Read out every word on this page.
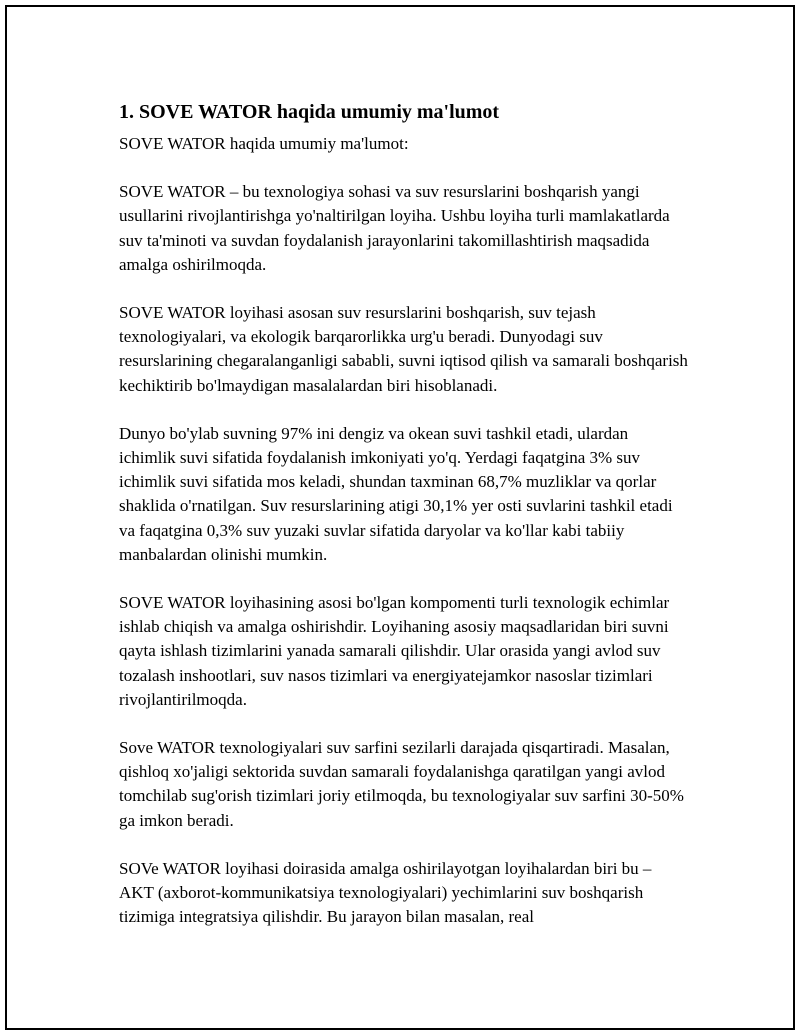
1. SOVE WATOR haqida umumiy ma'lumot

SOVE WATOR haqida umumiy ma'lumot:

SOVE WATOR – bu texnologiya sohasi va suv resurslarini boshqarish yangi usullarini rivojlantirishga yo'naltirilgan loyiha. Ushbu loyiha turli mamlakatlarda suv ta'minoti va suvdan foydalanish jarayonlarini takomillashtirish maqsadida amalga oshirilmoqda.

SOVE WATOR loyihasi asosan suv resurslarini boshqarish, suv tejash texnologiyalari, va ekologik barqarorlikka urg'u beradi. Dunyodagi suv resurslarining chegaralanganligi sababli, suvni iqtisod qilish va samarali boshqarish kechiktirib bo'lmaydigan masalalardan biri hisoblanadi.

Dunyo bo'ylab suvning 97% ini dengiz va okean suvi tashkil etadi, ulardan ichimlik suvi sifatida foydalanish imkoniyati yo'q. Yerdagi faqatgina 3% suv ichimlik suvi sifatida mos keladi, shundan taxminan 68,7% muzliklar va qorlar shaklida o'rnatilgan. Suv resurslarining atigi 30,1% yer osti suvlarini tashkil etadi va faqatgina 0,3% suv yuzaki suvlar sifatida daryolar va ko'llar kabi tabiiy manbalardan olinishi mumkin.

SOVE WATOR loyihasining asosi bo'lgan kompomenti turli texnologik echimlar ishlab chiqish va amalga oshirishdir. Loyihaning asosiy maqsadlaridan biri suvni qayta ishlash tizimlarini yanada samarali qilishdir. Ular orasida yangi avlod suv tozalash inshootlari, suv nasos tizimlari va energiyatejamkor nasoslar tizimlari rivojlantirilmoqda.

Sove WATOR texnologiyalari suv sarfini sezilarli darajada qisqartiradi. Masalan, qishloq xo'jaligi sektorida suvdan samarali foydalanishga qaratilgan yangi avlod tomchilab sug'orish tizimlari joriy etilmoqda, bu texnologiyalar suv sarfini 30-50% ga imkon beradi.

SOVe WATOR loyihasi doirasida amalga oshirilayotgan loyihalardan biri bu – AKT (axborot-kommunikatsiya texnologiyalari) yechimlarini suv boshqarish tizimiga integratsiya qilishdir. Bu jarayon bilan masalan, real
